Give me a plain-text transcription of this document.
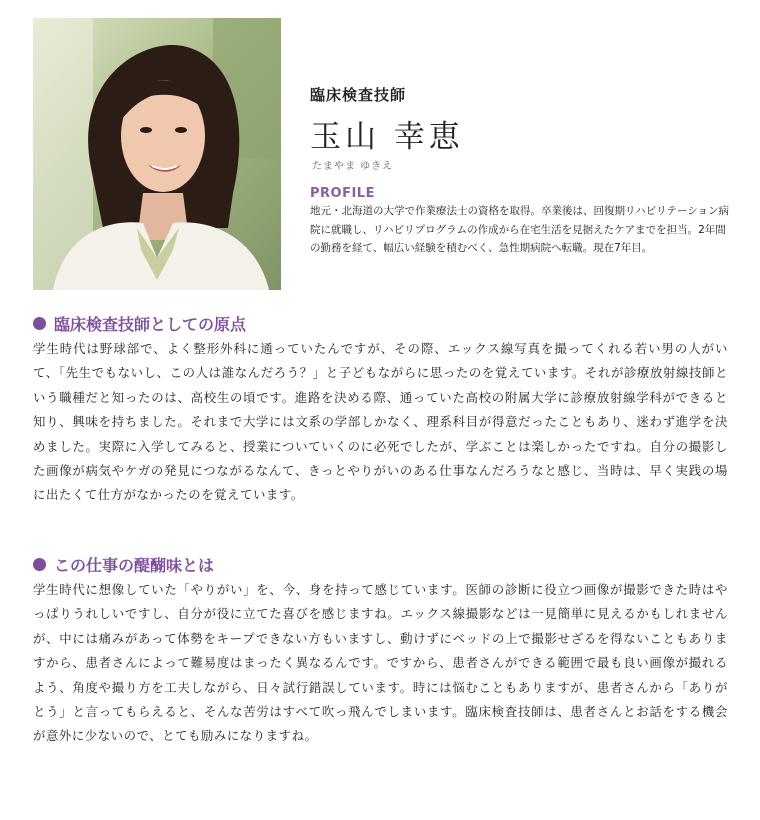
臨床検査技師

玉山 幸恵

たまやま ゆきえ

PROFILE

地元・北海道の大学で作業療法士の資格を取得。卒業後は、回復期リハビリテーション病院に就職し、リハビリプログラムの作成から在宅生活を見据えたケアまでを担当。2年間の勤務を経て、幅広い経験を積むべく、急性期病院へ転職。現在7年目。

臨床検査技師としての原点

学生時代は野球部で、よく整形外科に通っていたんですが、その際、エックス線写真を撮ってくれる若い男の人がいて、「先生でもないし、この人は誰なんだろう？」と子どもながらに思ったのを覚えています。それが診療放射線技師という職種だと知ったのは、高校生の頃です。進路を決める際、通っていた高校の附属大学に診療放射線学科ができると知り、興味を持ちました。それまで大学には文系の学部しかなく、理系科目が得意だったこともあり、迷わず進学を決めました。実際に入学してみると、授業についていくのに必死でしたが、学ぶことは楽しかったですね。自分の撮影した画像が病気やケガの発見につながるなんて、きっとやりがいのある仕事なんだろうなと感じ、当時は、早く実践の場に出たくて仕方がなかったのを覚えています。

この仕事の醍醐味とは

学生時代に想像していた「やりがい」を、今、身を持って感じています。医師の診断に役立つ画像が撮影できた時はやっぱりうれしいですし、自分が役に立てた喜びを感じますね。エックス線撮影などは一見簡単に見えるかもしれませんが、中には痛みがあって体勢をキープできない方もいますし、動けずにベッドの上で撮影せざるを得ないこともありますから、患者さんによって難易度はまったく異なるんです。ですから、患者さんができる範囲で最も良い画像が撮れるよう、角度や撮り方を工夫しながら、日々試行錯誤しています。時には悩むこともありますが、患者さんから「ありがとう」と言ってもらえると、そんな苦労はすべて吹っ飛んでしまいます。臨床検査技師は、患者さんとお話をする機会が意外に少ないので、とても励みになりますね。
